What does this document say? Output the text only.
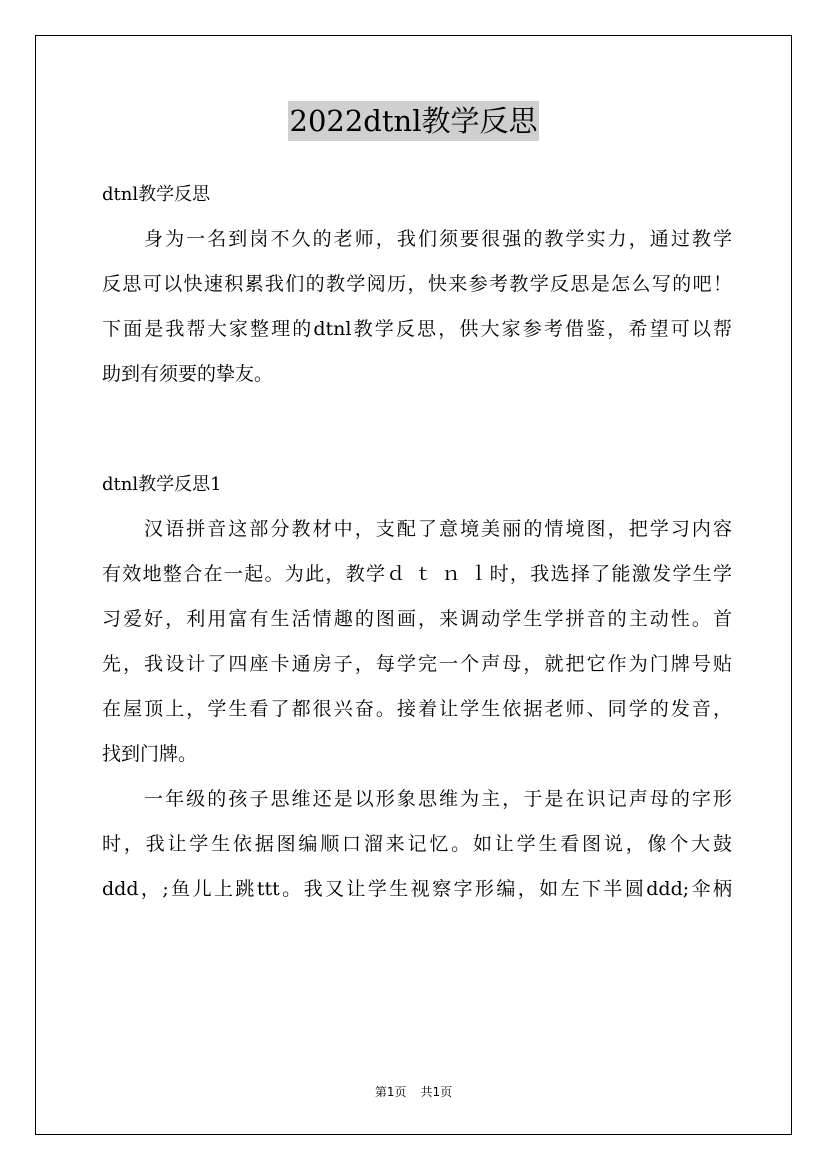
2022dtnl教学反思
dtnl教学反思
身为一名到岗不久的老师，我们须要很强的教学实力，通过教学
反思可以快速积累我们的教学阅历，快来参考教学反思是怎么写的吧！
下面是我帮大家整理的dtnl教学反思，供大家参考借鉴，希望可以帮
助到有须要的挚友。
dtnl教学反思1
汉语拼音这部分教材中，支配了意境美丽的情境图，把学习内容
有效地整合在一起。为此，教学ｄ ｔ ｎ ｌ时，我选择了能激发学生学
习爱好，利用富有生活情趣的图画，来调动学生学拼音的主动性。首
先，我设计了四座卡通房子，每学完一个声母，就把它作为门牌号贴
在屋顶上，学生看了都很兴奋。接着让学生依据老师、同学的发音，
找到门牌。
一年级的孩子思维还是以形象思维为主，于是在识记声母的字形
时，我让学生依据图编顺口溜来记忆。如让学生看图说，像个大鼓
ddd，;鱼儿上跳ttt。我又让学生视察字形编，如左下半圆ddd;伞柄
第1页 共1页
